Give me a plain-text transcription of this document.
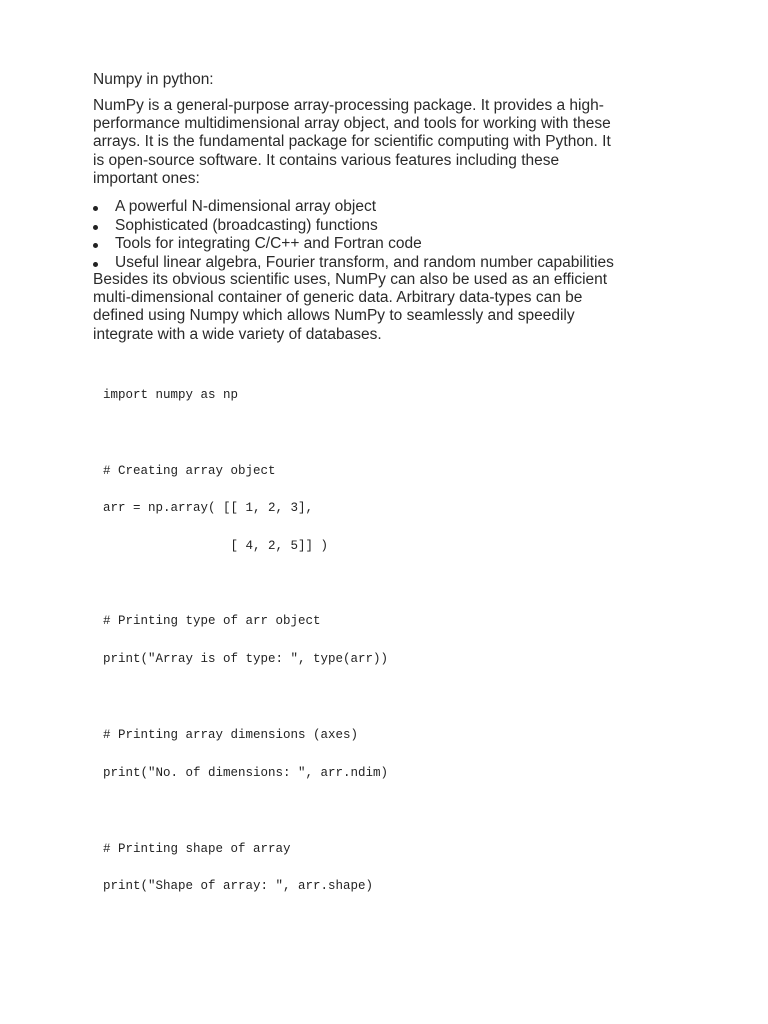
Numpy in python:
NumPy is a general-purpose array-processing package. It provides a high-
performance multidimensional array object, and tools for working with these
arrays. It is the fundamental package for scientific computing with Python. It
is open-source software. It contains various features including these
important ones:
A powerful N-dimensional array object
Sophisticated (broadcasting) functions
Tools for integrating C/C++ and Fortran code
Useful linear algebra, Fourier transform, and random number capabilities
Besides its obvious scientific uses, NumPy can also be used as an efficient
multi-dimensional container of generic data. Arbitrary data-types can be
defined using Numpy which allows NumPy to seamlessly and speedily
integrate with a wide variety of databases.
import numpy as np
# Creating array object
arr = np.array( [[ 1, 2, 3],
[ 4, 2, 5]] )
# Printing type of arr object
print("Array is of type: ", type(arr))
# Printing array dimensions (axes)
print("No. of dimensions: ", arr.ndim)
# Printing shape of array
print("Shape of array: ", arr.shape)
